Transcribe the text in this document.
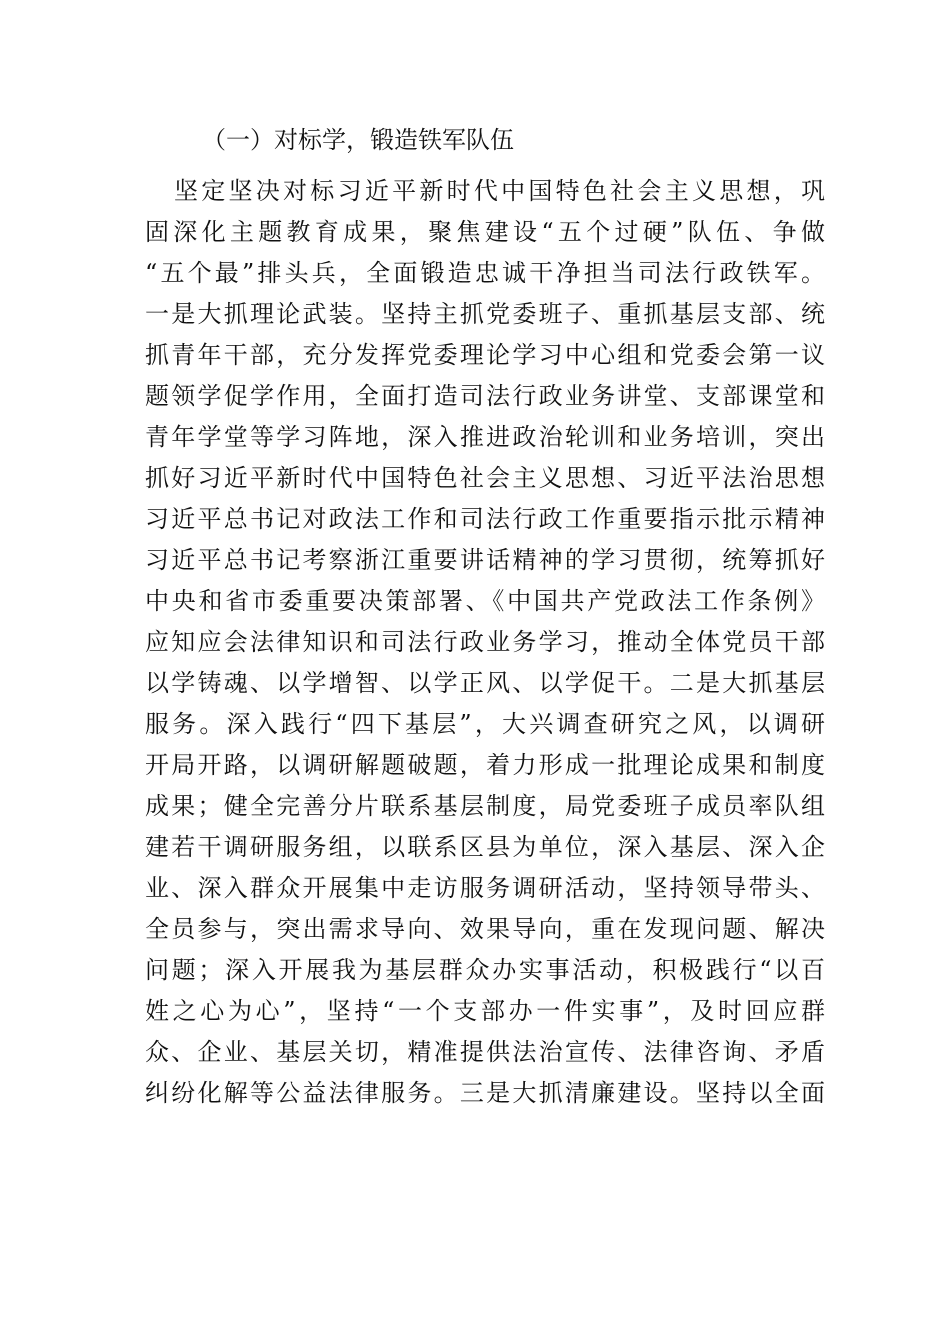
（一）对标学，锻造铁军队伍
坚定坚决对标习近平新时代中国特色社会主义思想，巩
固深化主题教育成果，聚焦建设“五个过硬”队伍、争做
“五个最”排头兵，全面锻造忠诚干净担当司法行政铁军。
一是大抓理论武装。坚持主抓党委班子、重抓基层支部、统
抓青年干部，充分发挥党委理论学习中心组和党委会第一议
题领学促学作用，全面打造司法行政业务讲堂、支部课堂和
青年学堂等学习阵地，深入推进政治轮训和业务培训，突出
抓好习近平新时代中国特色社会主义思想、习近平法治思想
习近平总书记对政法工作和司法行政工作重要指示批示精神
习近平总书记考察浙江重要讲话精神的学习贯彻，统筹抓好
中央和省市委重要决策部署、《中国共产党政法工作条例》
应知应会法律知识和司法行政业务学习，推动全体党员干部
以学铸魂、以学增智、以学正风、以学促干。二是大抓基层
服务。深入践行“四下基层”，大兴调查研究之风，以调研
开局开路，以调研解题破题，着力形成一批理论成果和制度
成果；健全完善分片联系基层制度，局党委班子成员率队组
建若干调研服务组，以联系区县为单位，深入基层、深入企
业、深入群众开展集中走访服务调研活动，坚持领导带头、
全员参与，突出需求导向、效果导向，重在发现问题、解决
问题；深入开展我为基层群众办实事活动，积极践行“以百
姓之心为心”，坚持“一个支部办一件实事”，及时回应群
众、企业、基层关切，精准提供法治宣传、法律咨询、矛盾
纠纷化解等公益法律服务。三是大抓清廉建设。坚持以全面
